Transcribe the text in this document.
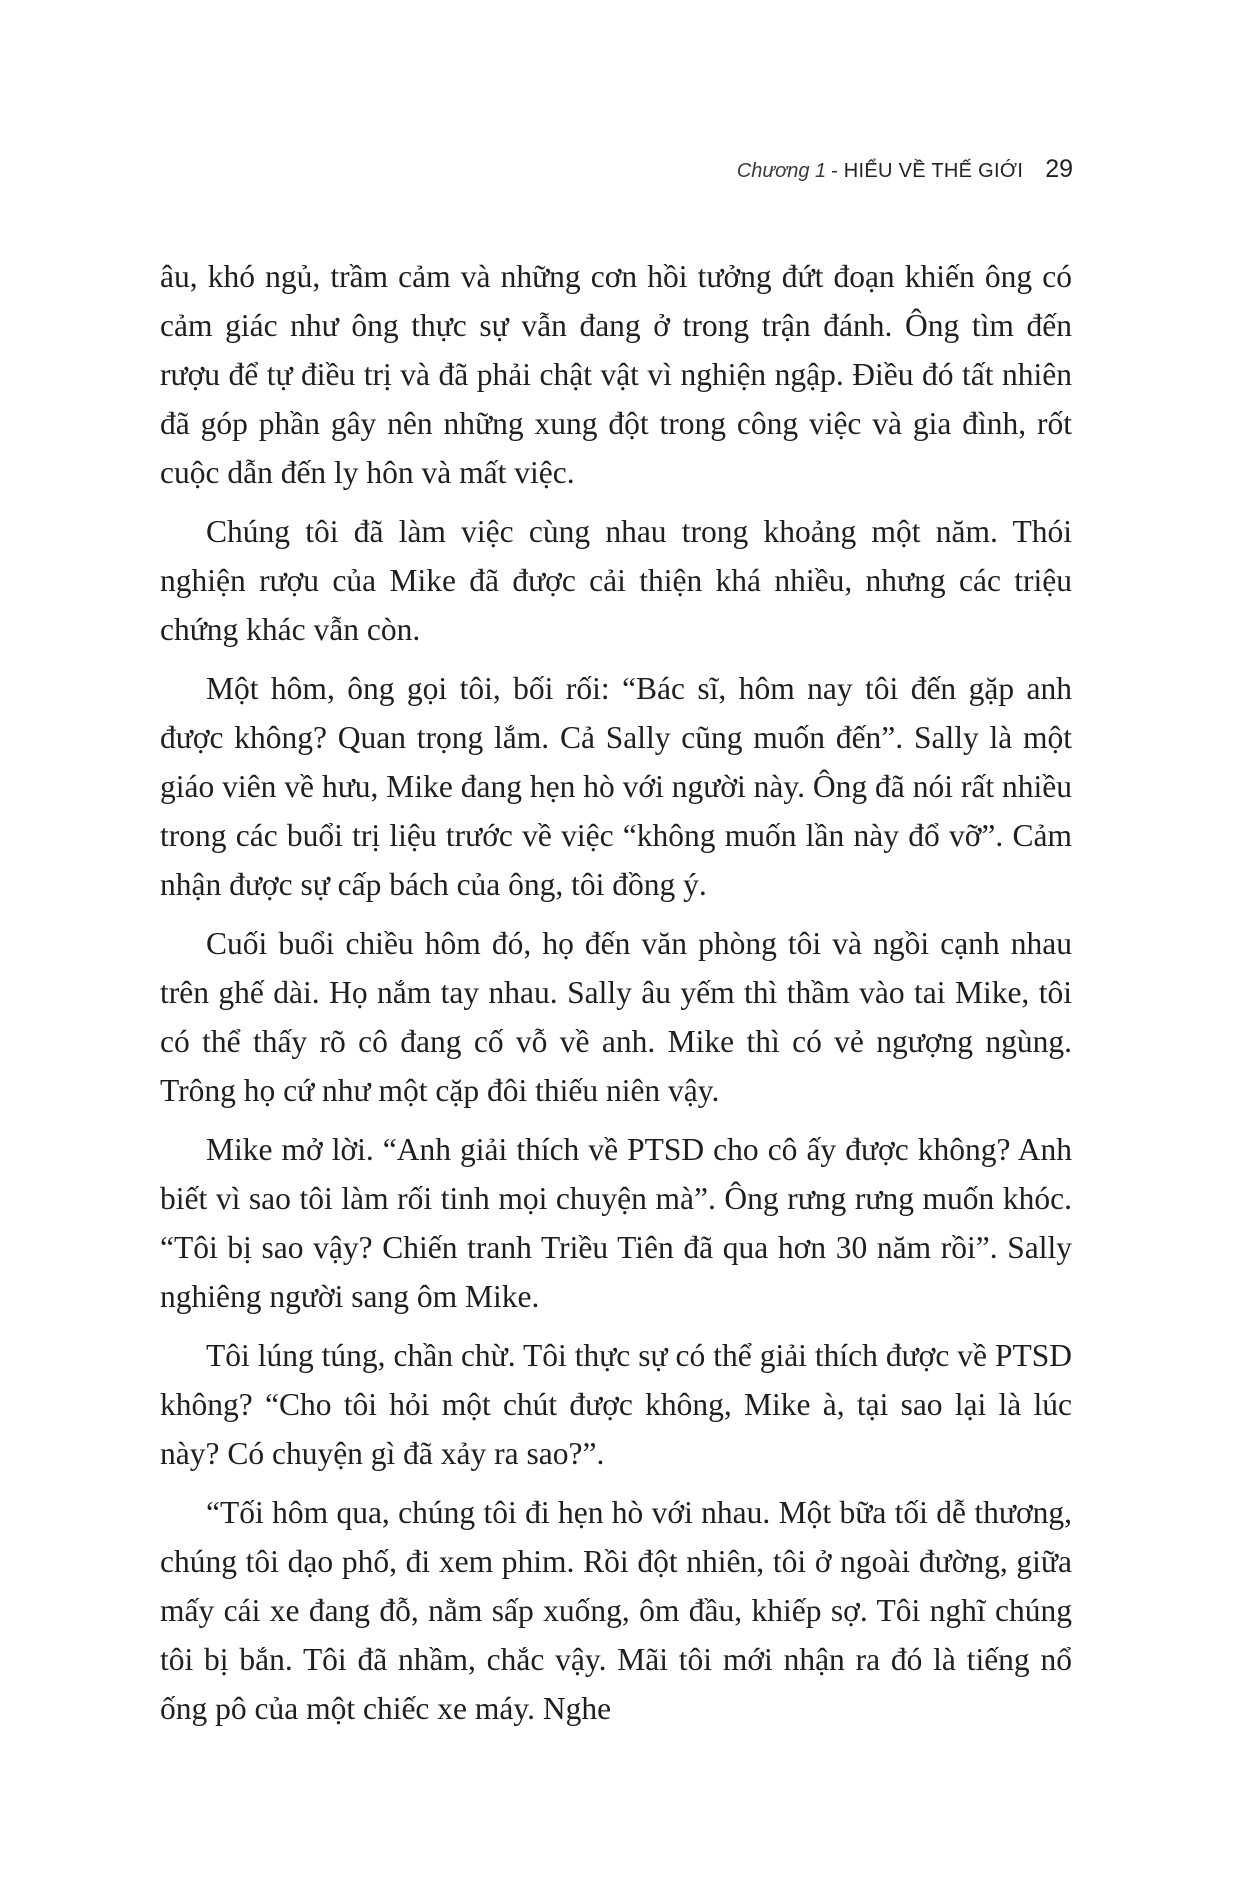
Chương 1 - HIỂU VỀ THẾ GIỚI 29

âu, khó ngủ, trầm cảm và những cơn hồi tưởng đứt đoạn khiến ông có cảm giác như ông thực sự vẫn đang ở trong trận đánh. Ông tìm đến rượu để tự điều trị và đã phải chật vật vì nghiện ngập. Điều đó tất nhiên đã góp phần gây nên những xung đột trong công việc và gia đình, rốt cuộc dẫn đến ly hôn và mất việc.

Chúng tôi đã làm việc cùng nhau trong khoảng một năm. Thói nghiện rượu của Mike đã được cải thiện khá nhiều, nhưng các triệu chứng khác vẫn còn.

Một hôm, ông gọi tôi, bối rối: “Bác sĩ, hôm nay tôi đến gặp anh được không? Quan trọng lắm. Cả Sally cũng muốn đến”. Sally là một giáo viên về hưu, Mike đang hẹn hò với người này. Ông đã nói rất nhiều trong các buổi trị liệu trước về việc “không muốn lần này đổ vỡ”. Cảm nhận được sự cấp bách của ông, tôi đồng ý.

Cuối buổi chiều hôm đó, họ đến văn phòng tôi và ngồi cạnh nhau trên ghế dài. Họ nắm tay nhau. Sally âu yếm thì thầm vào tai Mike, tôi có thể thấy rõ cô đang cố vỗ về anh. Mike thì có vẻ ngượng ngùng. Trông họ cứ như một cặp đôi thiếu niên vậy.

Mike mở lời. “Anh giải thích về PTSD cho cô ấy được không? Anh biết vì sao tôi làm rối tinh mọi chuyện mà”. Ông rưng rưng muốn khóc. “Tôi bị sao vậy? Chiến tranh Triều Tiên đã qua hơn 30 năm rồi”. Sally nghiêng người sang ôm Mike.

Tôi lúng túng, chần chừ. Tôi thực sự có thể giải thích được về PTSD không? “Cho tôi hỏi một chút được không, Mike à, tại sao lại là lúc này? Có chuyện gì đã xảy ra sao?”.

“Tối hôm qua, chúng tôi đi hẹn hò với nhau. Một bữa tối dễ thương, chúng tôi dạo phố, đi xem phim. Rồi đột nhiên, tôi ở ngoài đường, giữa mấy cái xe đang đỗ, nằm sấp xuống, ôm đầu, khiếp sợ. Tôi nghĩ chúng tôi bị bắn. Tôi đã nhầm, chắc vậy. Mãi tôi mới nhận ra đó là tiếng nổ ống pô của một chiếc xe máy. Nghe
